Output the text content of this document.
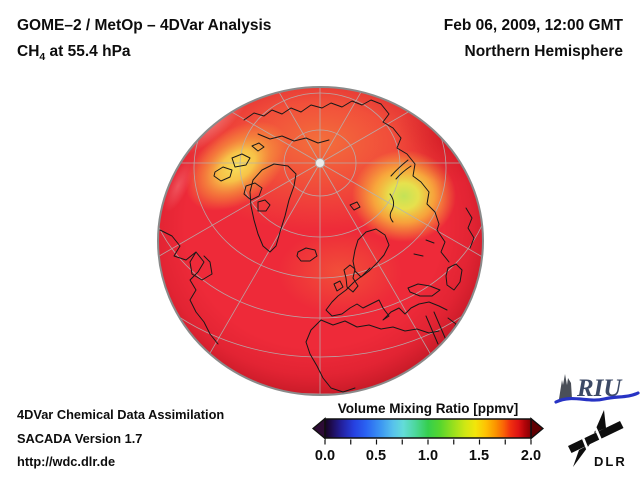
GOME–2 / MetOp – 4DVar Analysis
$CH_4$ at 55.4 hPa
Feb 06, 2009, 12:00 GMT
Northern Hemisphere
4DVar Chemical Data Assimilation
SACADA Version 1.7
http://wdc.dlr.de
Volume Mixing Ratio [ppmv]
0.0	0.5	1.0	1.5	2.0
RIU
DLR
